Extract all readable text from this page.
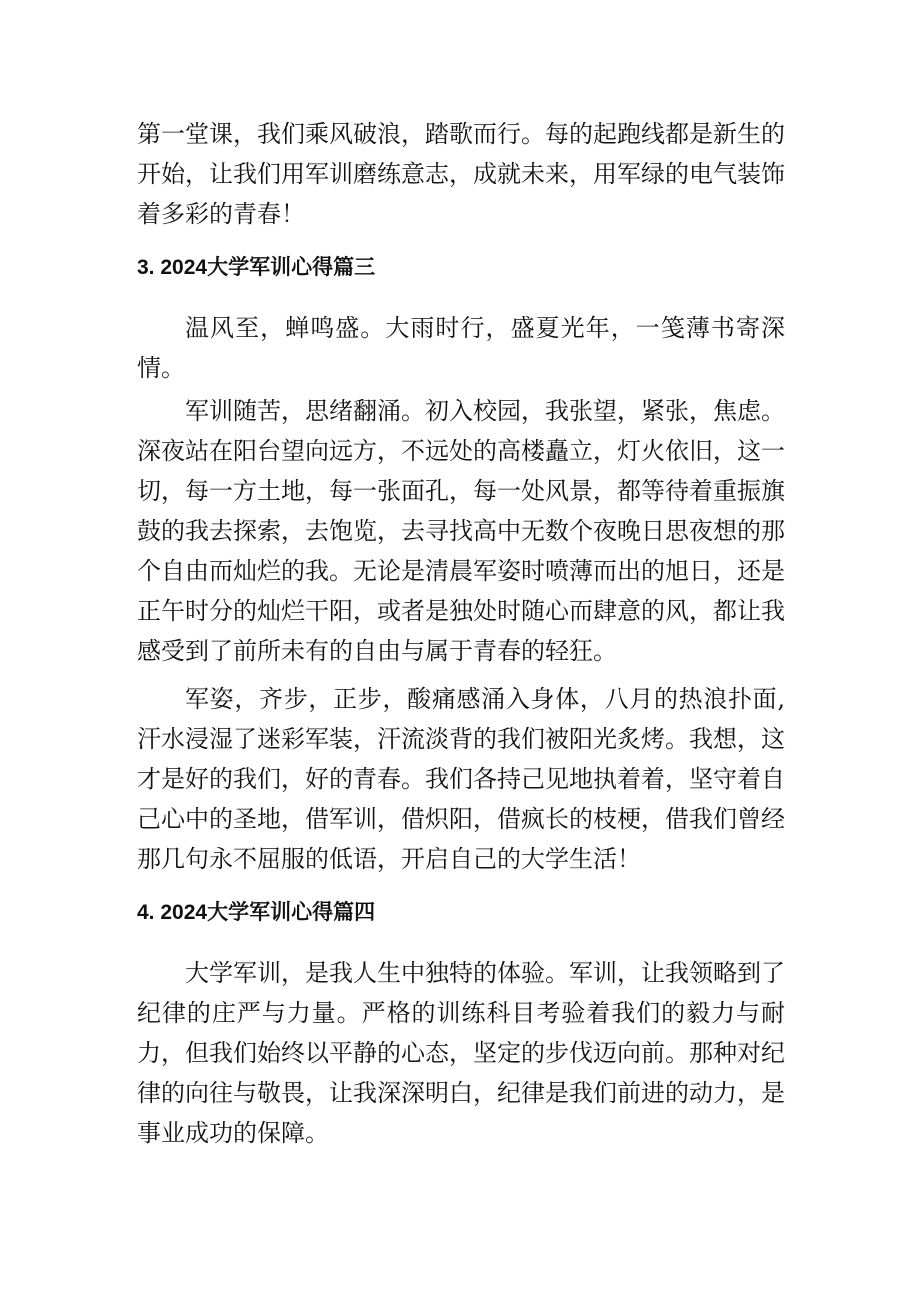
第一堂课，我们乘风破浪，踏歌而行。每的起跑线都是新生的开始，让我们用军训磨练意志，成就未来，用军绿的电气装饰着多彩的青春！

3. 2024大学军训心得篇三

温风至，蝉鸣盛。大雨时行，盛夏光年，一笺薄书寄深情。

军训随苦，思绪翻涌。初入校园，我张望，紧张，焦虑。深夜站在阳台望向远方，不远处的高楼矗立，灯火依旧，这一切，每一方土地，每一张面孔，每一处风景，都等待着重振旗鼓的我去探索，去饱览，去寻找高中无数个夜晚日思夜想的那个自由而灿烂的我。无论是清晨军姿时喷薄而出的旭日，还是正午时分的灿烂干阳，或者是独处时随心而肆意的风，都让我感受到了前所未有的自由与属于青春的轻狂。

军姿，齐步，正步，酸痛感涌入身体，八月的热浪扑面,汗水浸湿了迷彩军装，汗流淡背的我们被阳光炙烤。我想，这才是好的我们，好的青春。我们各持己见地执着着，坚守着自己心中的圣地，借军训，借炽阳，借疯长的枝梗，借我们曾经那几句永不屈服的低语，开启自己的大学生活！

4. 2024大学军训心得篇四

大学军训，是我人生中独特的体验。军训，让我领略到了纪律的庄严与力量。严格的训练科目考验着我们的毅力与耐力，但我们始终以平静的心态，坚定的步伐迈向前。那种对纪律的向往与敬畏，让我深深明白，纪律是我们前进的动力，是事业成功的保障。
